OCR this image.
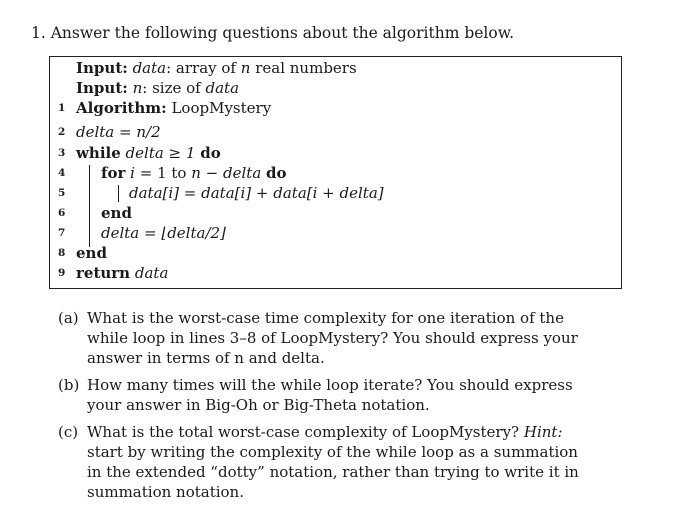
1. Answer the following questions about the algorithm below.
Input: data: array of n real numbers
Input: n: size of data
1 Algorithm: LoopMystery
2 delta = n/2
3 while delta ≥ 1 do
4	for i = 1 to n − delta do
5	data[i] = data[i] + data[i + delta]
6	end
7	delta = ⌊delta/2⌋
8 end
9 return data
(a) What is the worst-case time complexity for one iteration of the while loop in lines 3–8 of LoopMystery? You should express your answer in terms of n and delta.
(b) How many times will the while loop iterate? You should express your answer in Big-Oh or Big-Theta notation.
(c) What is the total worst-case complexity of LoopMystery? Hint: start by writing the complexity of the while loop as a summation in the extended “dotty” notation, rather than trying to write it in summation notation.
